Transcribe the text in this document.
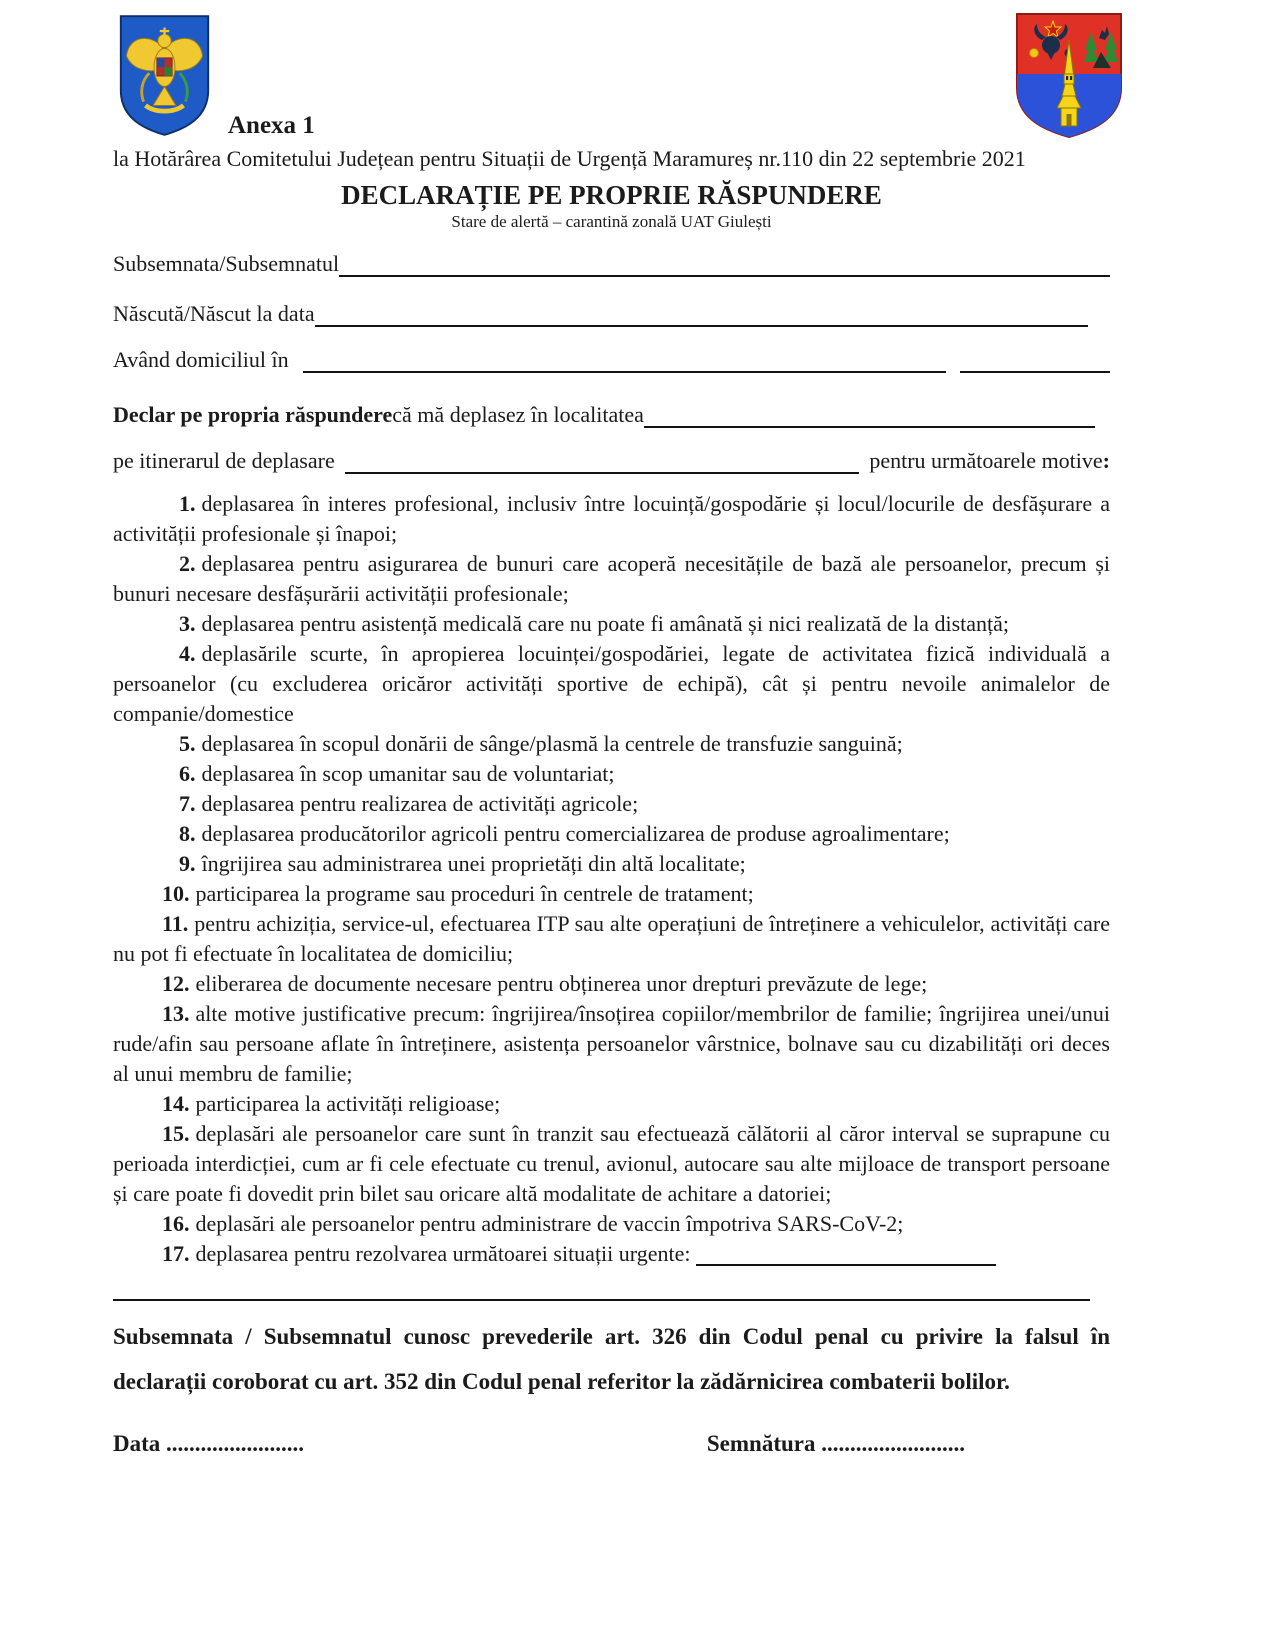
Anexa 1
la Hotărârea Comitetului Județean pentru Situații de Urgență Maramureș nr.110 din 22 septembrie 2021
DECLARAȚIE PE PROPRIE RĂSPUNDERE
Stare de alertă – carantină zonală UAT Giulești
Subsemnata/Subsemnatul
Născută/Născut la data
Având domiciliul în
Declar pe propria răspundere că mă deplasez în localitatea
pe itinerarul de deplasare	pentru următoarele motive :

1. deplasarea în interes profesional, inclusiv între locuință/gospodărie și locul/locurile de desfășurare a activității profesionale și înapoi;

2. deplasarea pentru asigurarea de bunuri care acoperă necesitățile de bază ale persoanelor, precum și bunuri necesare desfășurării activității profesionale;

3. deplasarea pentru asistență medicală care nu poate fi amânată și nici realizată de la distanță;

4. deplasările scurte, în apropierea locuinței/gospodăriei, legate de activitatea fizică individuală a persoanelor (cu excluderea oricăror activități sportive de echipă), cât și pentru nevoile animalelor de companie/domestice

5. deplasarea în scopul donării de sânge/plasmă la centrele de transfuzie sanguină;

6. deplasarea în scop umanitar sau de voluntariat;

7. deplasarea pentru realizarea de activități agricole;

8. deplasarea producătorilor agricoli pentru comercializarea de produse agroalimentare;

9. îngrijirea sau administrarea unei proprietăți din altă localitate;

10. participarea la programe sau proceduri în centrele de tratament;

11. pentru achiziția, service-ul, efectuarea ITP sau alte operațiuni de întreținere a vehiculelor, activități care nu pot fi efectuate în localitatea de domiciliu;

12. eliberarea de documente necesare pentru obținerea unor drepturi prevăzute de lege;

13. alte motive justificative precum: îngrijirea/însoțirea copiilor/membrilor de familie; îngrijirea unei/unui rude/afin sau persoane aflate în întreținere, asistența persoanelor vârstnice, bolnave sau cu dizabilități ori deces al unui membru de familie;

14. participarea la activități religioase;

15. deplasări ale persoanelor care sunt în tranzit sau efectuează călătorii al căror interval se suprapune cu perioada interdicției, cum ar fi cele efectuate cu trenul, avionul, autocare sau alte mijloace de transport persoane și care poate fi dovedit prin bilet sau oricare altă modalitate de achitare a datoriei;

16. deplasări ale persoanelor pentru administrare de vaccin împotriva SARS-CoV-2;

17. deplasarea pentru rezolvarea următoarei situații urgente:

Subsemnata / Subsemnatul cunosc prevederile art. 326 din Codul penal cu privire la falsul în declarații coroborat cu art. 352 din Codul penal referitor la zădărnicirea combaterii bolilor.

Data ........................	Semnătura .........................
